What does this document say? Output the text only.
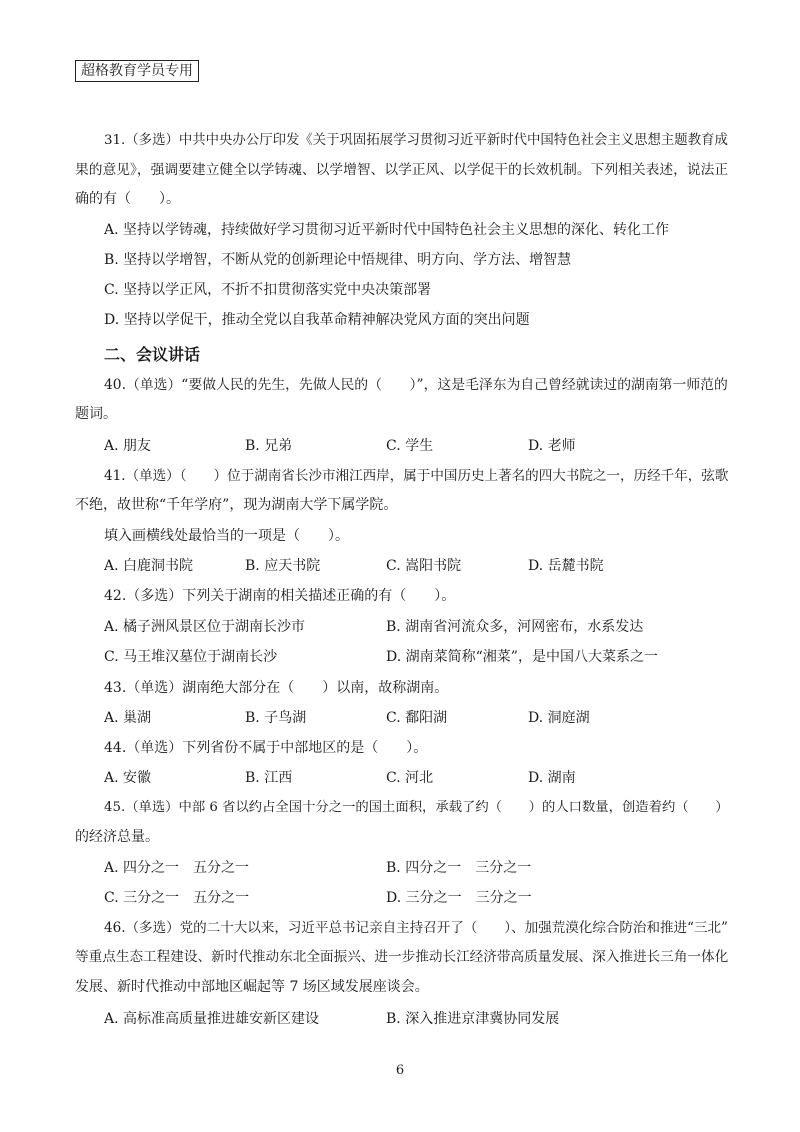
超格教育学员专用
31.（多选）中共中央办公厅印发《关于巩固拓展学习贯彻习近平新时代中国特色社会主义思想主题教育成
果的意见》，强调要建立健全以学铸魂、以学增智、以学正风、以学促干的长效机制。下列相关表述，说法正
确的有（　　）。
A. 坚持以学铸魂，持续做好学习贯彻习近平新时代中国特色社会主义思想的深化、转化工作
B. 坚持以学增智，不断从党的创新理论中悟规律、明方向、学方法、增智慧
C. 坚持以学正风，不折不扣贯彻落实党中央决策部署
D. 坚持以学促干，推动全党以自我革命精神解决党风方面的突出问题
二、会议讲话
40.（单选）“要做人民的先生，先做人民的（　　）”，这是毛泽东为自己曾经就读过的湖南第一师范的
题词。
A. 朋友	B. 兄弟	C. 学生	D. 老师
41.（单选）（　　）位于湖南省长沙市湘江西岸，属于中国历史上著名的四大书院之一，历经千年，弦歌
不绝，故世称“千年学府”，现为湖南大学下属学院。
填入画横线处最恰当的一项是（　　）。
A. 白鹿洞书院	B. 应天书院	C. 嵩阳书院	D. 岳麓书院
42.（多选）下列关于湖南的相关描述正确的有（　　）。
A. 橘子洲风景区位于湖南长沙市	B. 湖南省河流众多，河网密布，水系发达
C. 马王堆汉墓位于湖南长沙	D. 湖南菜简称“湘菜”，是中国八大菜系之一
43.（单选）湖南绝大部分在（　　）以南，故称湖南。
A. 巢湖	B. 子鸟湖	C. 鄱阳湖	D. 洞庭湖
44.（单选）下列省份不属于中部地区的是（　　）。
A. 安徽	B. 江西	C. 河北	D. 湖南
45.（单选）中部 6 省以约占全国十分之一的国土面积，承载了约（　　）的人口数量，创造着约（　　）
的经济总量。
A. 四分之一　五分之一	B. 四分之一　三分之一
C. 三分之一　五分之一	D. 三分之一　三分之一
46.（多选）党的二十大以来，习近平总书记亲自主持召开了（　　）、加强荒漠化综合防治和推进“三北”
等重点生态工程建设、新时代推动东北全面振兴、进一步推动长江经济带高质量发展、深入推进长三角一体化
发展、新时代推动中部地区崛起等 7 场区域发展座谈会。
A. 高标准高质量推进雄安新区建设	B. 深入推进京津冀协同发展
6
